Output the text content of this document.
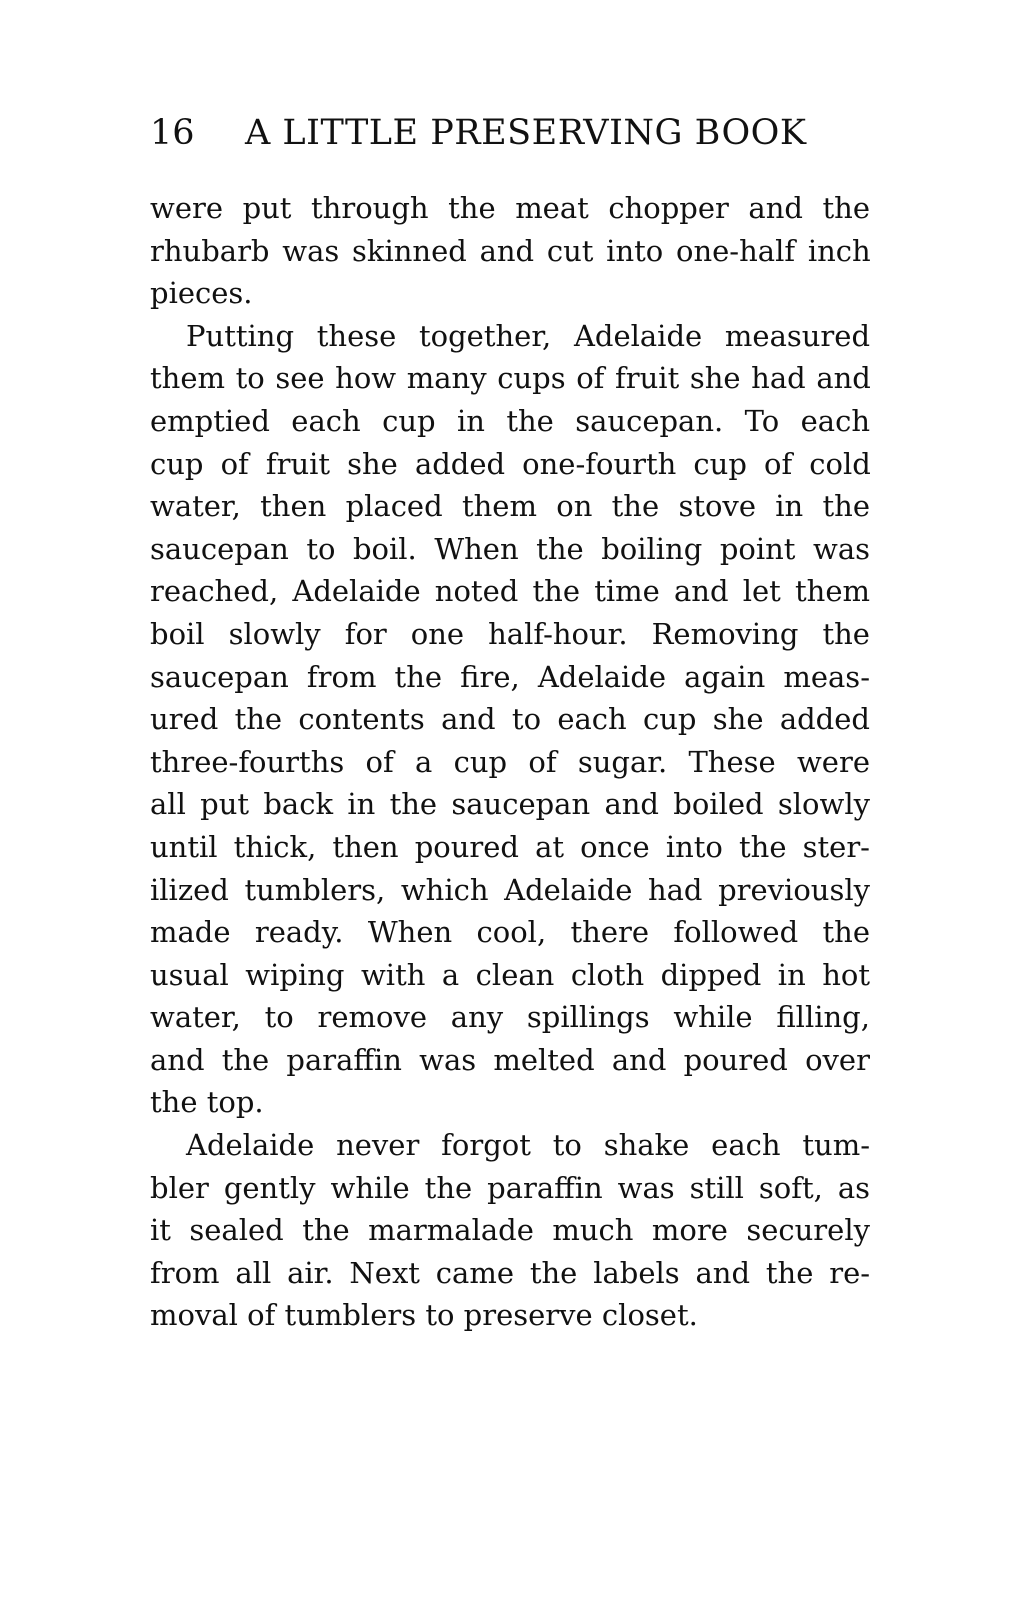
16 A LITTLE PRESERVING BOOK
were put through the meat chopper and the
rhubarb was skinned and cut into one-half inch
pieces.
Putting these together, Adelaide measured
them to see how many cups of fruit she had and
emptied each cup in the saucepan. To each
cup of fruit she added one-fourth cup of cold
water, then placed them on the stove in the
saucepan to boil. When the boiling point was
reached, Adelaide noted the time and let them
boil slowly for one half-hour. Removing the
saucepan from the fire, Adelaide again meas-
ured the contents and to each cup she added
three-fourths of a cup of sugar. These were
all put back in the saucepan and boiled slowly
until thick, then poured at once into the ster-
ilized tumblers, which Adelaide had previously
made ready. When cool, there followed the
usual wiping with a clean cloth dipped in hot
water, to remove any spillings while filling,
and the paraffin was melted and poured over
the top.
Adelaide never forgot to shake each tum-
bler gently while the paraffin was still soft, as
it sealed the marmalade much more securely
from all air. Next came the labels and the re-
moval of tumblers to preserve closet.
